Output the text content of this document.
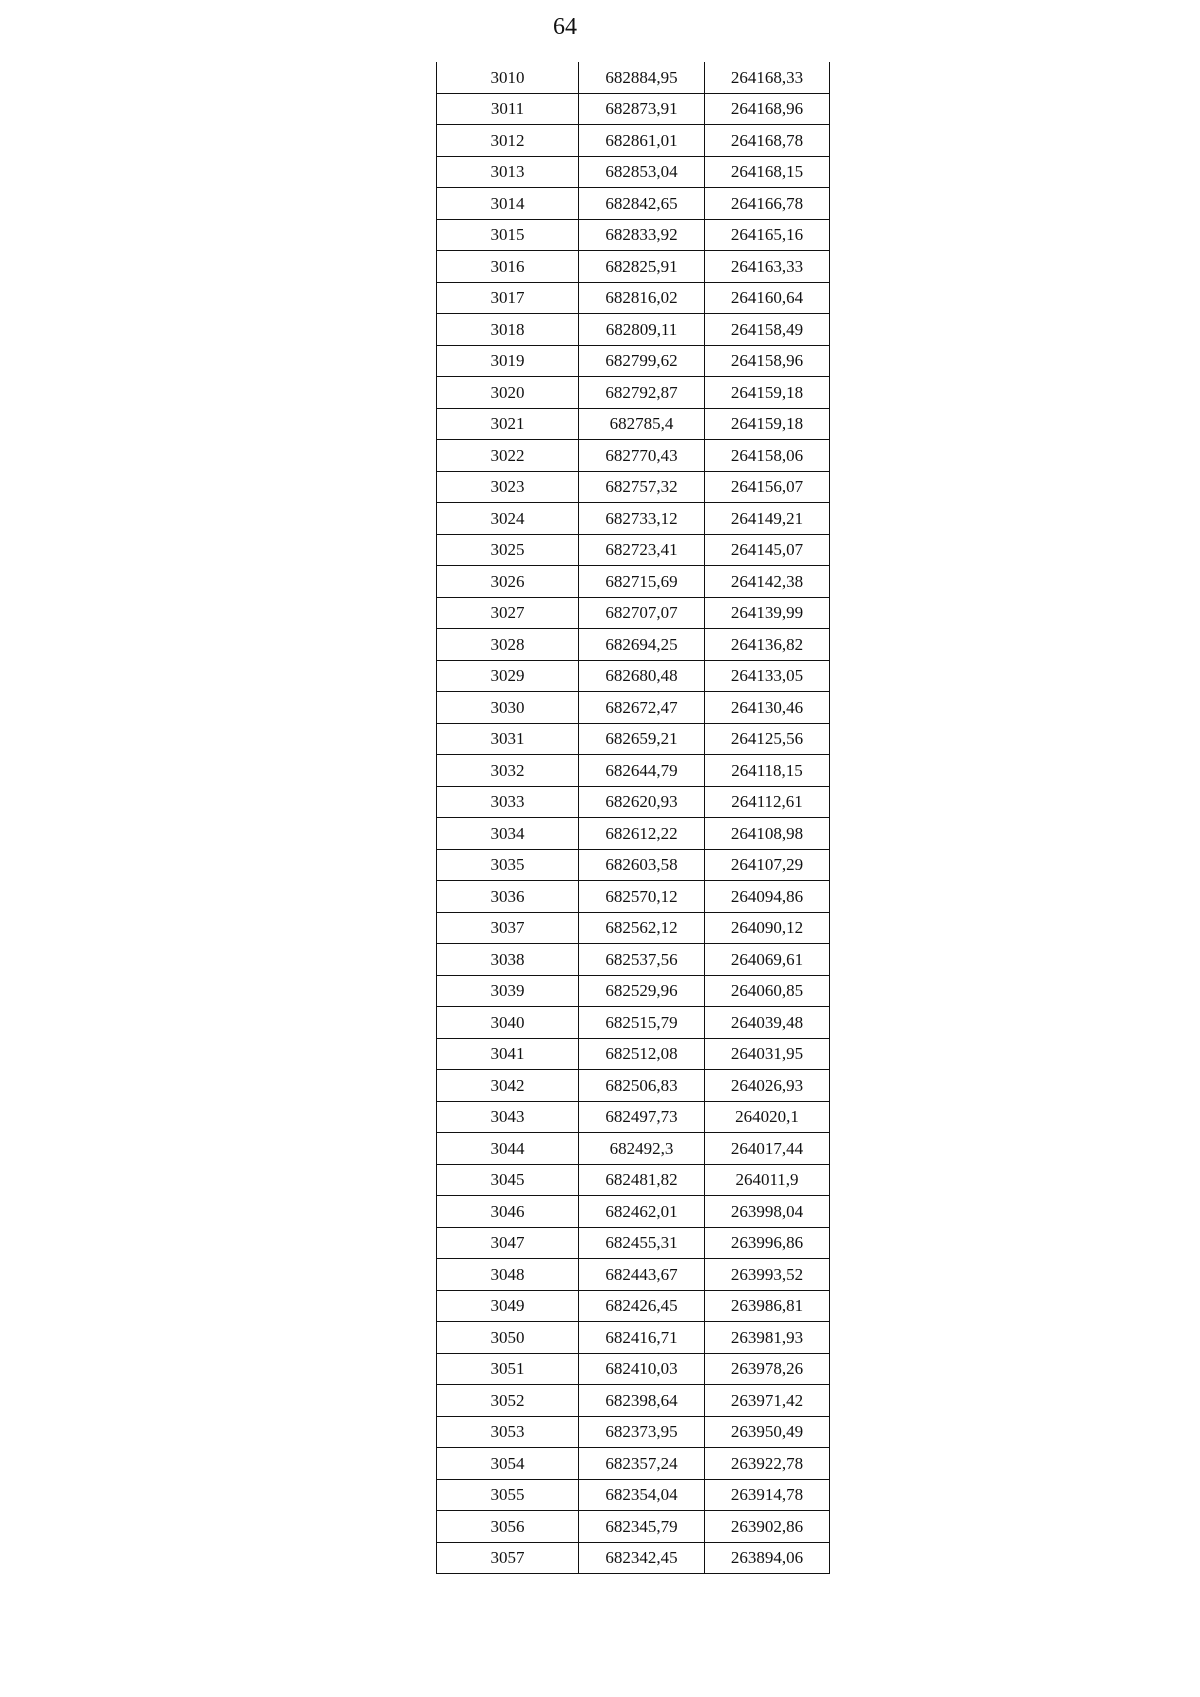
64
3010	682884,95	264168,33
3011	682873,91	264168,96
3012	682861,01	264168,78
3013	682853,04	264168,15
3014	682842,65	264166,78
3015	682833,92	264165,16
3016	682825,91	264163,33
3017	682816,02	264160,64
3018	682809,11	264158,49
3019	682799,62	264158,96
3020	682792,87	264159,18
3021	682785,4	264159,18
3022	682770,43	264158,06
3023	682757,32	264156,07
3024	682733,12	264149,21
3025	682723,41	264145,07
3026	682715,69	264142,38
3027	682707,07	264139,99
3028	682694,25	264136,82
3029	682680,48	264133,05
3030	682672,47	264130,46
3031	682659,21	264125,56
3032	682644,79	264118,15
3033	682620,93	264112,61
3034	682612,22	264108,98
3035	682603,58	264107,29
3036	682570,12	264094,86
3037	682562,12	264090,12
3038	682537,56	264069,61
3039	682529,96	264060,85
3040	682515,79	264039,48
3041	682512,08	264031,95
3042	682506,83	264026,93
3043	682497,73	264020,1
3044	682492,3	264017,44
3045	682481,82	264011,9
3046	682462,01	263998,04
3047	682455,31	263996,86
3048	682443,67	263993,52
3049	682426,45	263986,81
3050	682416,71	263981,93
3051	682410,03	263978,26
3052	682398,64	263971,42
3053	682373,95	263950,49
3054	682357,24	263922,78
3055	682354,04	263914,78
3056	682345,79	263902,86
3057	682342,45	263894,06
